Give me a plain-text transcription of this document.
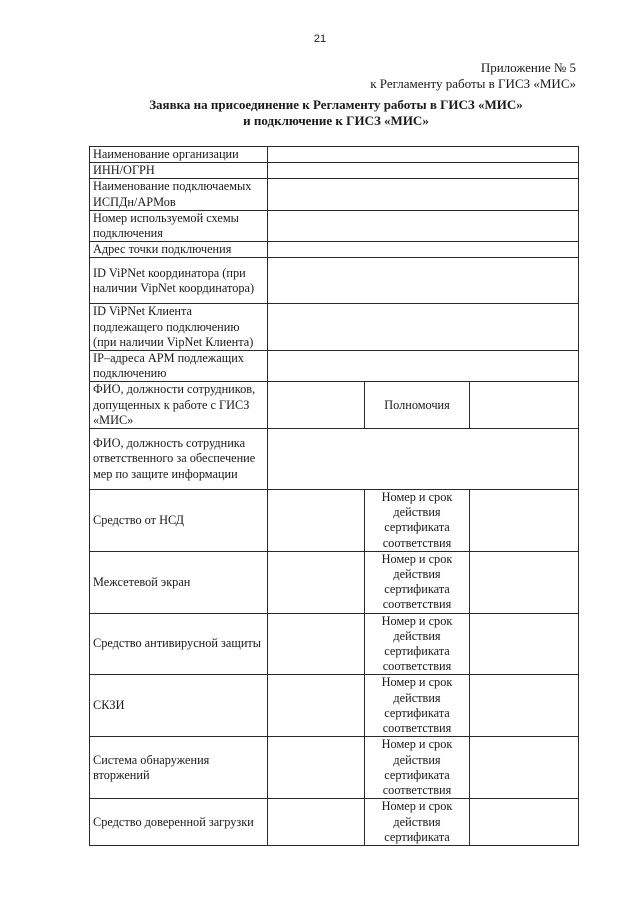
21
Приложение № 5
к Регламенту работы в ГИСЗ «МИС»
Заявка на присоединение к Регламенту работы в ГИСЗ «МИС»
и подключение к ГИСЗ «МИС»
Наименование организации			
ИНН/ОГРН			
Наименование подключаемых ИСПДн/АРМов			
Номер используемой схемы подключения			
Адрес точки подключения			
ID ViPNet координатора (при наличии VipNet координатора)			
ID ViPNet Клиента подлежащего подключению (при наличии VipNet Клиента)			
IP–адреса АРМ подлежащих подключению			
ФИО, должности сотрудников, допущенных к работе с ГИСЗ «МИС»		Полномочия	
ФИО, должность сотрудника ответственного за обеспечение мер по защите информации			
Средство от НСД		Номер и срок действия сертификата соответствия	
Межсетевой экран		Номер и срок действия сертификата соответствия	
Средство антивирусной защиты		Номер и срок действия сертификата соответствия	
СКЗИ		Номер и срок действия сертификата соответствия	
Система обнаружения вторжений		Номер и срок действия сертификата соответствия	
Средство доверенной загрузки		Номер и срок действия сертификата	
